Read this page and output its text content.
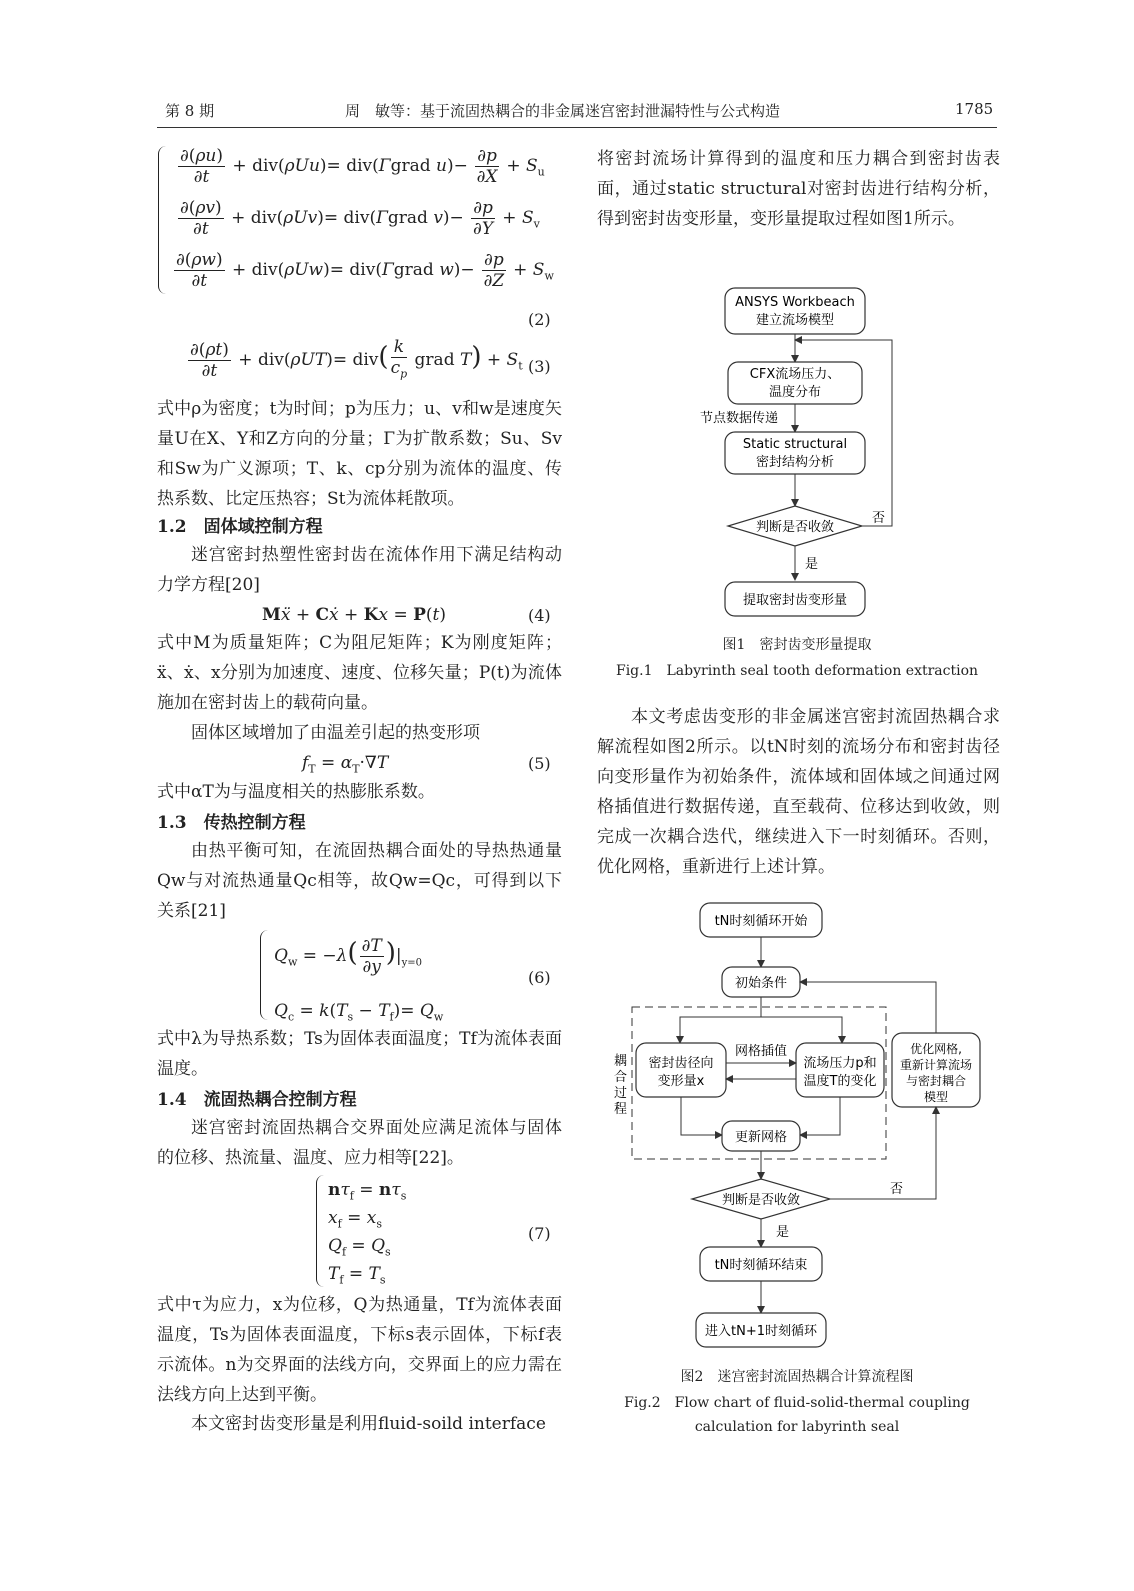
第 8 期	周　敏等：基于流固热耦合的非金属迷宫密封泄漏特性与公式构造	1785
$\frac{\partial(\rho u)}{\partial t} + div(\rho Uu)=$ div(Γgrad $u)- \frac{\partial p}{\partial X} + S_u$
$\frac{\partial(\rho v)}{\partial t} + div(\rho Uv)=$ div(Γgrad $v)- \frac{\partial p}{\partial Y} + S_v$
$\frac{\partial(\rho w)}{\partial t} + div(\rho Uw)=$ div(Γgrad $w)- \frac{\partial p}{\partial Z} + S_w$
(2)
$\frac{\partial(\rho t)}{\partial t} + div(\rho UT)= div( \frac{k}{c_p}$ grad $T) + S_t$ (3)

式中ρ为密度；t为时间；p为压力；u、v和w是速度矢量U在X、Y和Z方向的分量；Γ为扩散系数；Su、Sv和Sw为广义源项；T、k、cp分别为流体的温度、传热系数、比定压热容；St为流体耗散项。

1.2　固体域控制方程

迷宫密封热塑性密封齿在流体作用下满足结构动力学方程[20]

Mẍ + Cẋ + Kx = P(t)	(4)

式中M为质量矩阵；C为阻尼矩阵；K为刚度矩阵；ẍ、ẋ、x分别为加速度、速度、位移矢量；P(t)为流体施加在密封齿上的载荷向量。

固体区域增加了由温差引起的热变形项

$f_T = \alpha_T\cdot\nabla T$	(5)

式中αT为与温度相关的热膨胀系数。

1.3　传热控制方程

由热平衡可知，在流固热耦合面处的导热热通量Qw与对流热通量Qc相等，故Qw=Qc，可得到以下关系[21]

$Q_w = -\lambda( \frac{\partial T}{\partial y} )|_{y=0}$
$Q_c = k(T_s - T_f)= Q_w$
(6)

式中λ为导热系数；Ts为固体表面温度；Tf为流体表面温度。

1.4　流固热耦合控制方程

迷宫密封流固热耦合交界面处应满足流体与固体的位移、热流量、温度、应力相等[22]。

$n\tau_f = n\tau_s$
$x_f = x_s$
$Q_f = Q_s$
$T_f = T_s$
(7)

式中τ为应力，x为位移，Q为热通量，Tf为流体表面温度，Ts为固体表面温度，下标s表示固体，下标f表示流体。n为交界面的法线方向，交界面上的应力需在法线方向上达到平衡。

本文密封齿变形量是利用fluid-soild interface

将密封流场计算得到的温度和压力耦合到密封齿表面，通过static structural对密封齿进行结构分析，得到密封齿变形量，变形量提取过程如图1所示。

ANSYS Workbeach
建立流场模型
CFX流场压力、
温度分布
节点数据传递
Static structural
密封结构分析
判断是否收敛
否
是
提取密封齿变形量
图1　密封齿变形量提取
Fig.1　Labyrinth seal tooth deformation extraction

本文考虑齿变形的非金属迷宫密封流固热耦合求解流程如图2所示。以tN时刻的流场分布和密封齿径向变形量作为初始条件，流体域和固体域之间通过网格插值进行数据传递，直至载荷、位移达到收敛，则完成一次耦合迭代，继续进入下一时刻循环。否则，优化网格，重新进行上述计算。

tN时刻循环开始
初始条件
耦合过程
密封齿径向
变形量x
流场压力p和
温度T的变化
网格插值
更新网格
优化网格,
重新计算流场
与密封耦合
模型
判断是否收敛
否
是
tN时刻循环结束
进入tN+1时刻循环
图2　迷宫密封流固热耦合计算流程图
Fig.2　Flow chart of fluid-solid-thermal coupling
calculation for labyrinth seal
